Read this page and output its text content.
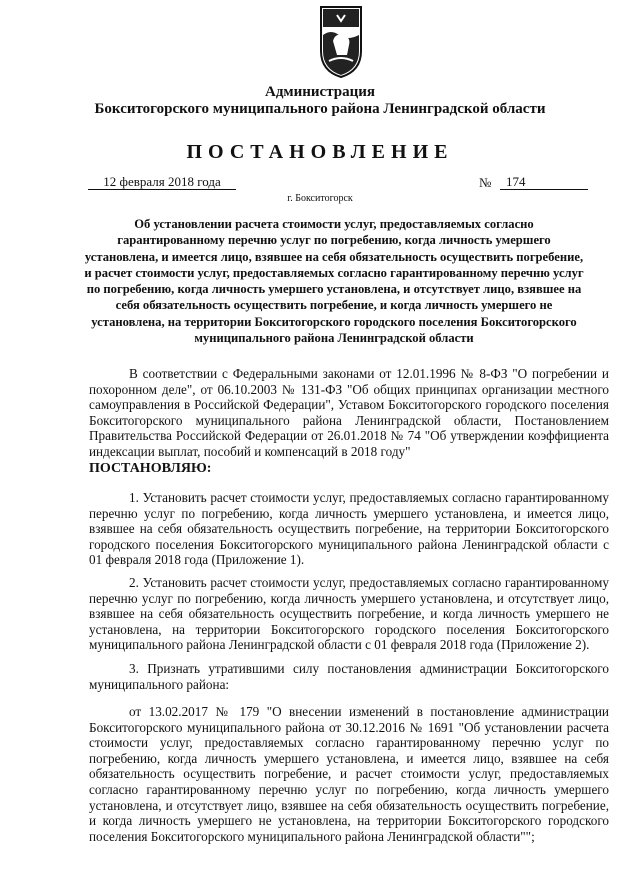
Администрация
Бокситогорского муниципального района Ленинградской области
ПОСТАНОВЛЕНИЕ
12 февраля 2018 года	№	174
г. Бокситогорск
Об установлении расчета стоимости услуг, предоставляемых согласно гарантированному перечню услуг по погребению, когда личность умершего установлена, и имеется лицо, взявшее на себя обязательность осуществить погребение, и расчет стоимости услуг, предоставляемых согласно гарантированному перечню услуг по погребению, когда личность умершего установлена, и отсутствует лицо, взявшее на себя обязательность осуществить погребение, и когда личность умершего не установлена, на территории Бокситогорского городского поселения Бокситогорского муниципального района Ленинградской области
В соответствии с Федеральными законами от 12.01.1996 № 8-ФЗ "О погребении и похоронном деле", от 06.10.2003 № 131-ФЗ "Об общих принципах организации местного самоуправления в Российской Федерации", Уставом Бокситогорского городского поселения Бокситогорского муниципального района Ленинградской области, Постановлением Правительства Российской Федерации от 26.01.2018 № 74 "Об утверждении коэффициента индексации выплат, пособий и компенсаций в 2018 году"
ПОСТАНОВЛЯЮ:
1. Установить расчет стоимости услуг, предоставляемых согласно гарантированному перечню услуг по погребению, когда личность умершего установлена, и имеется лицо, взявшее на себя обязательность осуществить погребение, на территории Бокситогорского городского поселения Бокситогорского муниципального района Ленинградской области с 01 февраля 2018 года (Приложение 1).
2. Установить расчет стоимости услуг, предоставляемых согласно гарантированному перечню услуг по погребению, когда личность умершего установлена, и отсутствует лицо, взявшее на себя обязательность осуществить погребение, и когда личность умершего не установлена, на территории Бокситогорского городского поселения Бокситогорского муниципального района Ленинградской области с 01 февраля 2018 года (Приложение 2).
3. Признать утратившими силу постановления администрации Бокситогорского муниципального района:
от 13.02.2017 № 179 "О внесении изменений в постановление администрации Бокситогорского муниципального района от 30.12.2016 № 1691 "Об установлении расчета стоимости услуг, предоставляемых согласно гарантированному перечню услуг по погребению, когда личность умершего установлена, и имеется лицо, взявшее на себя обязательность осуществить погребение, и расчет стоимости услуг, предоставляемых согласно гарантированному перечню услуг по погребению, когда личность умершего установлена, и отсутствует лицо, взявшее на себя обязательность осуществить погребение, и когда личность умершего не установлена, на территории Бокситогорского городского поселения Бокситогорского муниципального района Ленинградской области"";
